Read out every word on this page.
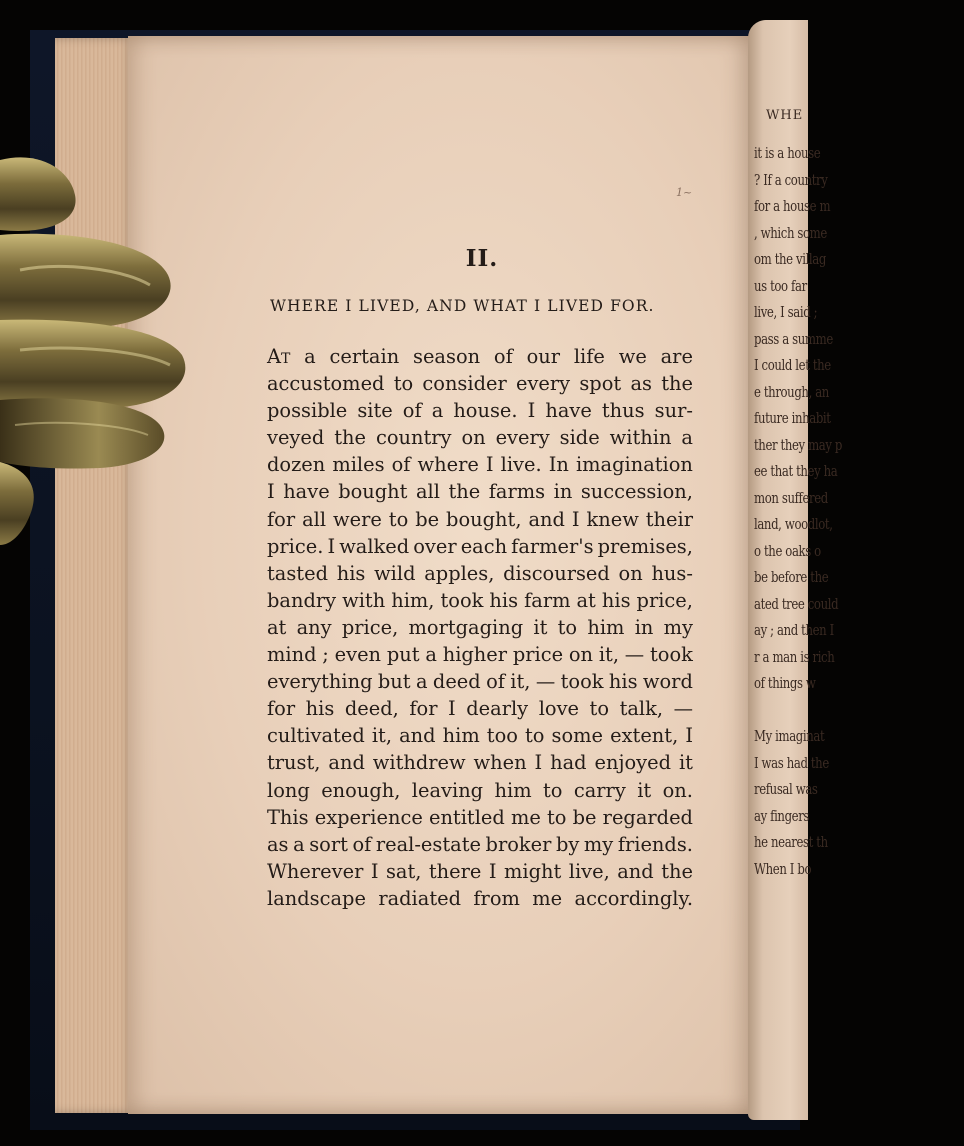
WHE
it is a house
? If a country
for a house m
, which some
om the villag
us too far
live, I said ;
pass a summe
I could let the
e through, an
future inhabit
ther they may p
ee that they ha
mon suffered
land, woodlot,
o the oaks o
be before the
ated tree could
ay ; and then I
r a man is rich
of things w

My imaginat
I was had the
refusal was
ay fingers
he nearest th
When I bo
1~
II.
WHERE I LIVED, AND WHAT I LIVED FOR.
At a certain season of our life we are
accustomed to consider every spot as the
possible site of a house. I have thus sur-
veyed the country on every side within a
dozen miles of where I live. In imagination
I have bought all the farms in succession,
for all were to be bought, and I knew their
price. I walked over each farmer's premises,
tasted his wild apples, discoursed on hus-
bandry with him, took his farm at his price,
at any price, mortgaging it to him in my
mind ; even put a higher price on it, — took
everything but a deed of it, — took his word
for his deed, for I dearly love to talk, —
cultivated it, and him too to some extent, I
trust, and withdrew when I had enjoyed it
long enough, leaving him to carry it on.
This experience entitled me to be regarded
as a sort of real-estate broker by my friends.
Wherever I sat, there I might live, and the
landscape radiated from me accordingly.
